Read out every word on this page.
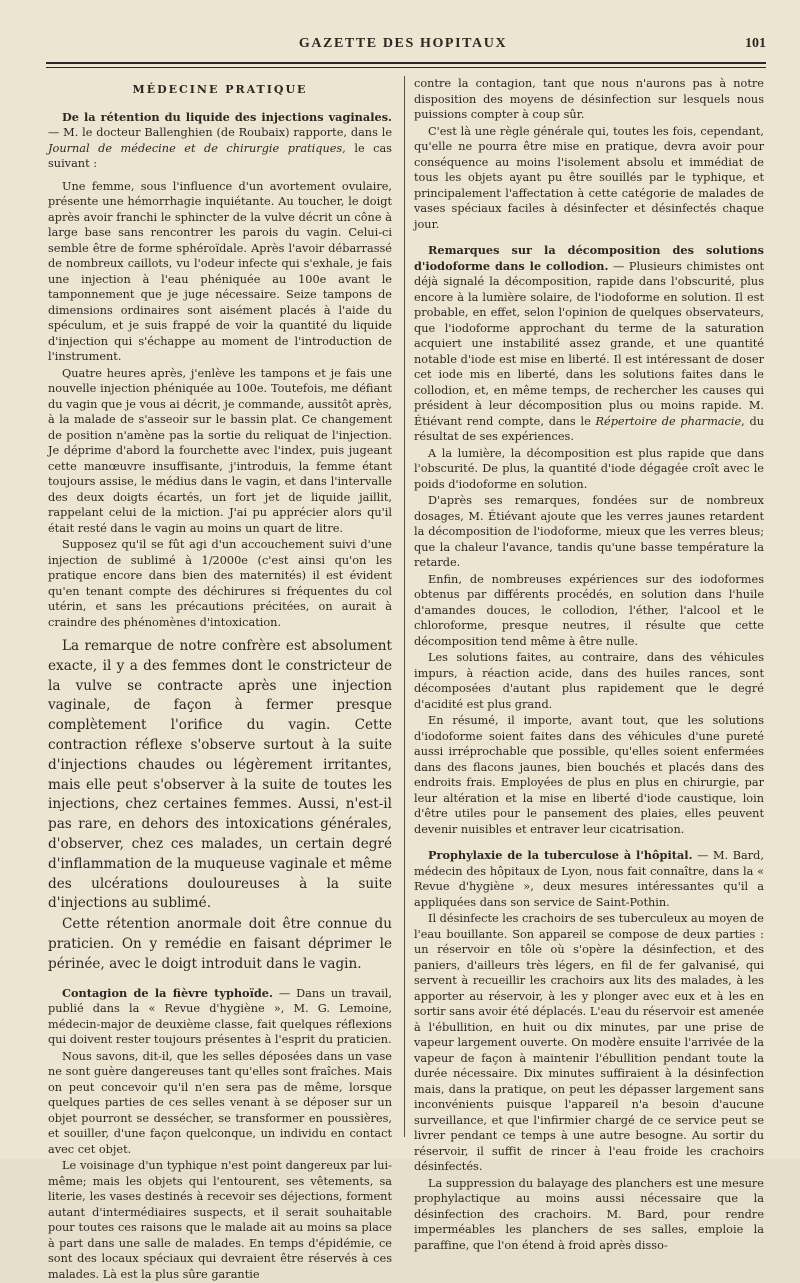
GAZETTE DES HOPITAUX	101
MÉDECINE PRATIQUE

De la rétention du liquide des injections vaginales. — M. le docteur Ballenghien (de Roubaix) rapporte, dans le Journal de médecine et de chirurgie pratiques, le cas suivant :

Une femme, sous l'influence d'un avortement ovulaire, présente une hémorrhagie inquiétante. Au toucher, le doigt après avoir franchi le sphincter de la vulve décrit un cône à large base sans rencontrer les parois du vagin. Celui-ci semble être de forme sphéroïdale. Après l'avoir débarrassé de nombreux caillots, vu l'odeur infecte qui s'exhale, je fais une injection à l'eau phéniquée au 100e avant le tamponnement que je juge nécessaire. Seize tampons de dimensions ordinaires sont aisément placés à l'aide du spéculum, et je suis frappé de voir la quantité du liquide d'injection qui s'échappe au moment de l'introduction de l'instrument.

Quatre heures après, j'enlève les tampons et je fais une nouvelle injection phéniquée au 100e. Toutefois, me défiant du vagin que je vous ai décrit, je commande, aussitôt après, à la malade de s'asseoir sur le bassin plat. Ce changement de position n'amène pas la sortie du reliquat de l'injection. Je déprime d'abord la fourchette avec l'index, puis jugeant cette manœuvre insuffisante, j'introduis, la femme étant toujours assise, le médius dans le vagin, et dans l'intervalle des deux doigts écartés, un fort jet de liquide jaillit, rappelant celui de la miction. J'ai pu apprécier alors qu'il était resté dans le vagin au moins un quart de litre.

Supposez qu'il se fût agi d'un accouchement suivi d'une injection de sublimé à 1/2000e (c'est ainsi qu'on les pratique encore dans bien des maternités) il est évident qu'en tenant compte des déchirures si fréquentes du col utérin, et sans les précautions précitées, on aurait à craindre des phénomènes d'intoxication.

La remarque de notre confrère est absolument exacte, il y a des femmes dont le constricteur de la vulve se contracte après une injection vaginale, de façon à fermer presque complètement l'orifice du vagin. Cette contraction réflexe s'observe surtout à la suite d'injections chaudes ou légèrement irritantes, mais elle peut s'observer à la suite de toutes les injections, chez certaines femmes. Aussi, n'est-il pas rare, en dehors des intoxications générales, d'observer, chez ces malades, un certain degré d'inflammation de la muqueuse vaginale et même des ulcérations douloureuses à la suite d'injections au sublimé.

Cette rétention anormale doit être connue du praticien. On y remédie en faisant déprimer le périnée, avec le doigt introduit dans le vagin.

Contagion de la fièvre typhoïde. — Dans un travail, publié dans la « Revue d'hygiène », M. G. Lemoine, médecin-major de deuxième classe, fait quelques réflexions qui doivent rester toujours présentes à l'esprit du praticien.

Nous savons, dit-il, que les selles déposées dans un vase ne sont guère dangereuses tant qu'elles sont fraîches. Mais on peut concevoir qu'il n'en sera pas de même, lorsque quelques parties de ces selles venant à se déposer sur un objet pourront se dessécher, se transformer en poussières, et souiller, d'une façon quelconque, un individu en contact avec cet objet.

Le voisinage d'un typhique n'est point dangereux par lui-même; mais les objets qui l'entourent, ses vêtements, sa literie, les vases destinés à recevoir ses déjections, forment autant d'intermédiaires suspects, et il serait souhaitable pour toutes ces raisons que le malade ait au moins sa place à part dans une salle de malades. En temps d'épidémie, ce sont des locaux spéciaux qui devraient être réservés à ces malades. Là est la plus sûre garantie

contre la contagion, tant que nous n'aurons pas à notre disposition des moyens de désinfection sur lesquels nous puissions compter à coup sûr.

C'est là une règle générale qui, toutes les fois, cependant, qu'elle ne pourra être mise en pratique, devra avoir pour conséquence au moins l'isolement absolu et immédiat de tous les objets ayant pu être souillés par le typhique, et principalement l'affectation à cette catégorie de malades de vases spéciaux faciles à désinfecter et désinfectés chaque jour.

Remarques sur la décomposition des solutions d'iodoforme dans le collodion. — Plusieurs chimistes ont déjà signalé la décomposition, rapide dans l'obscurité, plus encore à la lumière solaire, de l'iodoforme en solution. Il est probable, en effet, selon l'opinion de quelques observateurs, que l'iodoforme approchant du terme de la saturation acquiert une instabilité assez grande, et une quantité notable d'iode est mise en liberté. Il est intéressant de doser cet iode mis en liberté, dans les solutions faites dans le collodion, et, en même temps, de rechercher les causes qui président à leur décomposition plus ou moins rapide. M. Étiévant rend compte, dans le Répertoire de pharmacie, du résultat de ses expériences.

A la lumière, la décomposition est plus rapide que dans l'obscurité. De plus, la quantité d'iode dégagée croît avec le poids d'iodoforme en solution.

D'après ses remarques, fondées sur de nombreux dosages, M. Étiévant ajoute que les verres jaunes retardent la décomposition de l'iodoforme, mieux que les verres bleus; que la chaleur l'avance, tandis qu'une basse température la retarde.

Enfin, de nombreuses expériences sur des iodoformes obtenus par différents procédés, en solution dans l'huile d'amandes douces, le collodion, l'éther, l'alcool et le chloroforme, presque neutres, il résulte que cette décomposition tend même à être nulle.

Les solutions faites, au contraire, dans des véhicules impurs, à réaction acide, dans des huiles rances, sont décomposées d'autant plus rapidement que le degré d'acidité est plus grand.

En résumé, il importe, avant tout, que les solutions d'iodoforme soient faites dans des véhicules d'une pureté aussi irréprochable que possible, qu'elles soient enfermées dans des flacons jaunes, bien bouchés et placés dans des endroits frais. Employées de plus en plus en chirurgie, par leur altération et la mise en liberté d'iode caustique, loin d'être utiles pour le pansement des plaies, elles peuvent devenir nuisibles et entraver leur cicatrisation.

Prophylaxie de la tuberculose à l'hôpital. — M. Bard, médecin des hôpitaux de Lyon, nous fait connaître, dans la « Revue d'hygiène », deux mesures intéressantes qu'il a appliquées dans son service de Saint-Pothin.

Il désinfecte les crachoirs de ses tuberculeux au moyen de l'eau bouillante. Son appareil se compose de deux parties : un réservoir en tôle où s'opère la désinfection, et des paniers, d'ailleurs très légers, en fil de fer galvanisé, qui servent à recueillir les crachoirs aux lits des malades, à les apporter au réservoir, à les y plonger avec eux et à les en sortir sans avoir été déplacés. L'eau du réservoir est amenée à l'ébullition, en huit ou dix minutes, par une prise de vapeur largement ouverte. On modère ensuite l'arrivée de la vapeur de façon à maintenir l'ébullition pendant toute la durée nécessaire. Dix minutes suffiraient à la désinfection mais, dans la pratique, on peut les dépasser largement sans inconvénients puisque l'appareil n'a besoin d'aucune surveillance, et que l'infirmier chargé de ce service peut se livrer pendant ce temps à une autre besogne. Au sortir du réservoir, il suffit de rincer à l'eau froide les crachoirs désinfectés.

La suppression du balayage des planchers est une mesure prophylactique au moins aussi nécessaire que la désinfection des crachoirs. M. Bard, pour rendre imperméables les planchers de ses salles, emploie la paraffine, que l'on étend à froid après disso-
